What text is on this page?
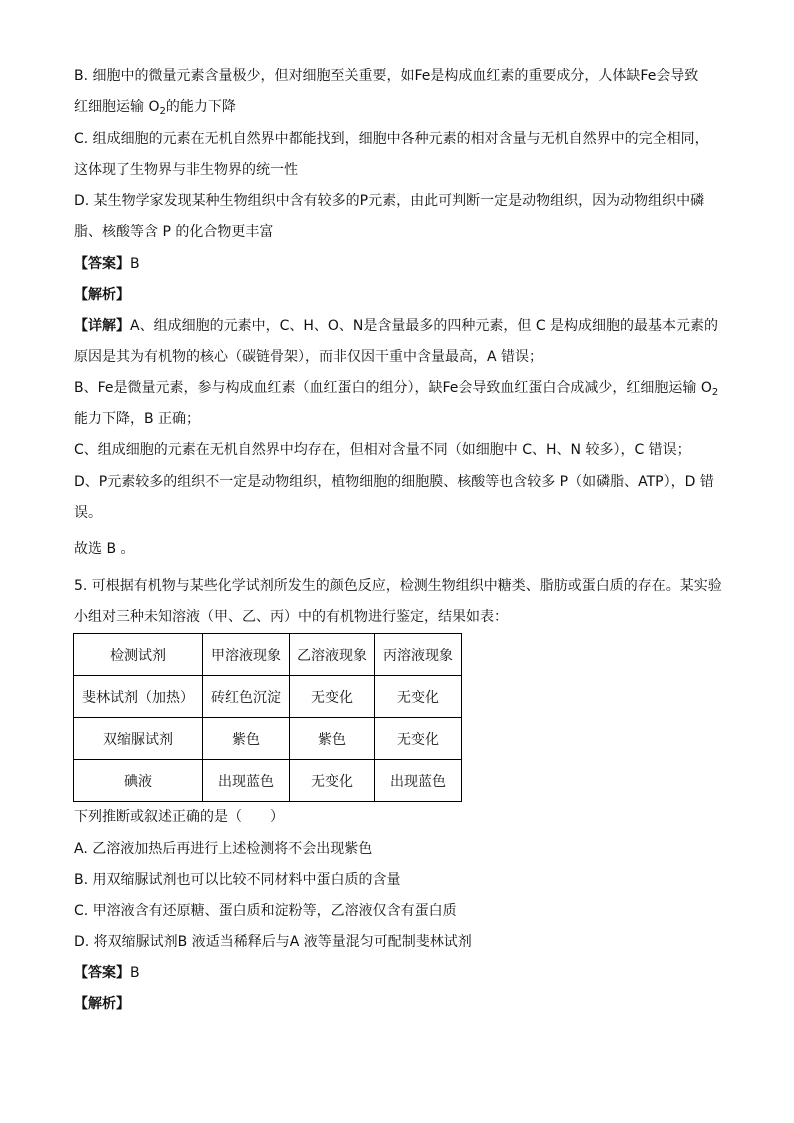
B. 细胞中的微量元素含量极少，但对细胞至关重要，如Fe是构成血红素的重要成分，人体缺Fe会导致
红细胞运输 $O_2$的能力下降
C. 组成细胞的元素在无机自然界中都能找到，细胞中各种元素的相对含量与无机自然界中的完全相同，
这体现了生物界与非生物界的统一性
D. 某生物学家发现某种生物组织中含有较多的P元素，由此可判断一定是动物组织，因为动物组织中磷
脂、核酸等含 P 的化合物更丰富
【答案】B
【解析】
【详解】A、组成细胞的元素中，C、H、O、N是含量最多的四种元素，但 C 是构成细胞的最基本元素的
原因是其为有机物的核心（碳链骨架），而非仅因干重中含量最高，A 错误；
B、Fe是微量元素，参与构成血红素（血红蛋白的组分），缺Fe会导致血红蛋白合成减少，红细胞运输 $O_2$
能力下降，B 正确；
C、组成细胞的元素在无机自然界中均存在，但相对含量不同（如细胞中 C、H、N 较多），C 错误；
D、P元素较多的组织不一定是动物组织，植物细胞的细胞膜、核酸等也含较多 P（如磷脂、ATP），D 错
误。
故选 B 。
5. 可根据有机物与某些化学试剂所发生的颜色反应，检测生物组织中糖类、脂肪或蛋白质的存在。某实验
小组对三种未知溶液（甲、乙、丙）中的有机物进行鉴定，结果如表：
检测试剂	甲溶液现象	乙溶液现象	丙溶液现象
斐林试剂（加热）	砖红色沉淀	无变化	无变化
双缩脲试剂	紫色	紫色	无变化
碘液	出现蓝色	无变化	出现蓝色
下列推断或叙述正确的是（　　）
A. 乙溶液加热后再进行上述检测将不会出现紫色
B. 用双缩脲试剂也可以比较不同材料中蛋白质的含量
C. 甲溶液含有还原糖、蛋白质和淀粉等，乙溶液仅含有蛋白质
D. 将双缩脲试剂B 液适当稀释后与A 液等量混匀可配制斐林试剂
【答案】B
【解析】
